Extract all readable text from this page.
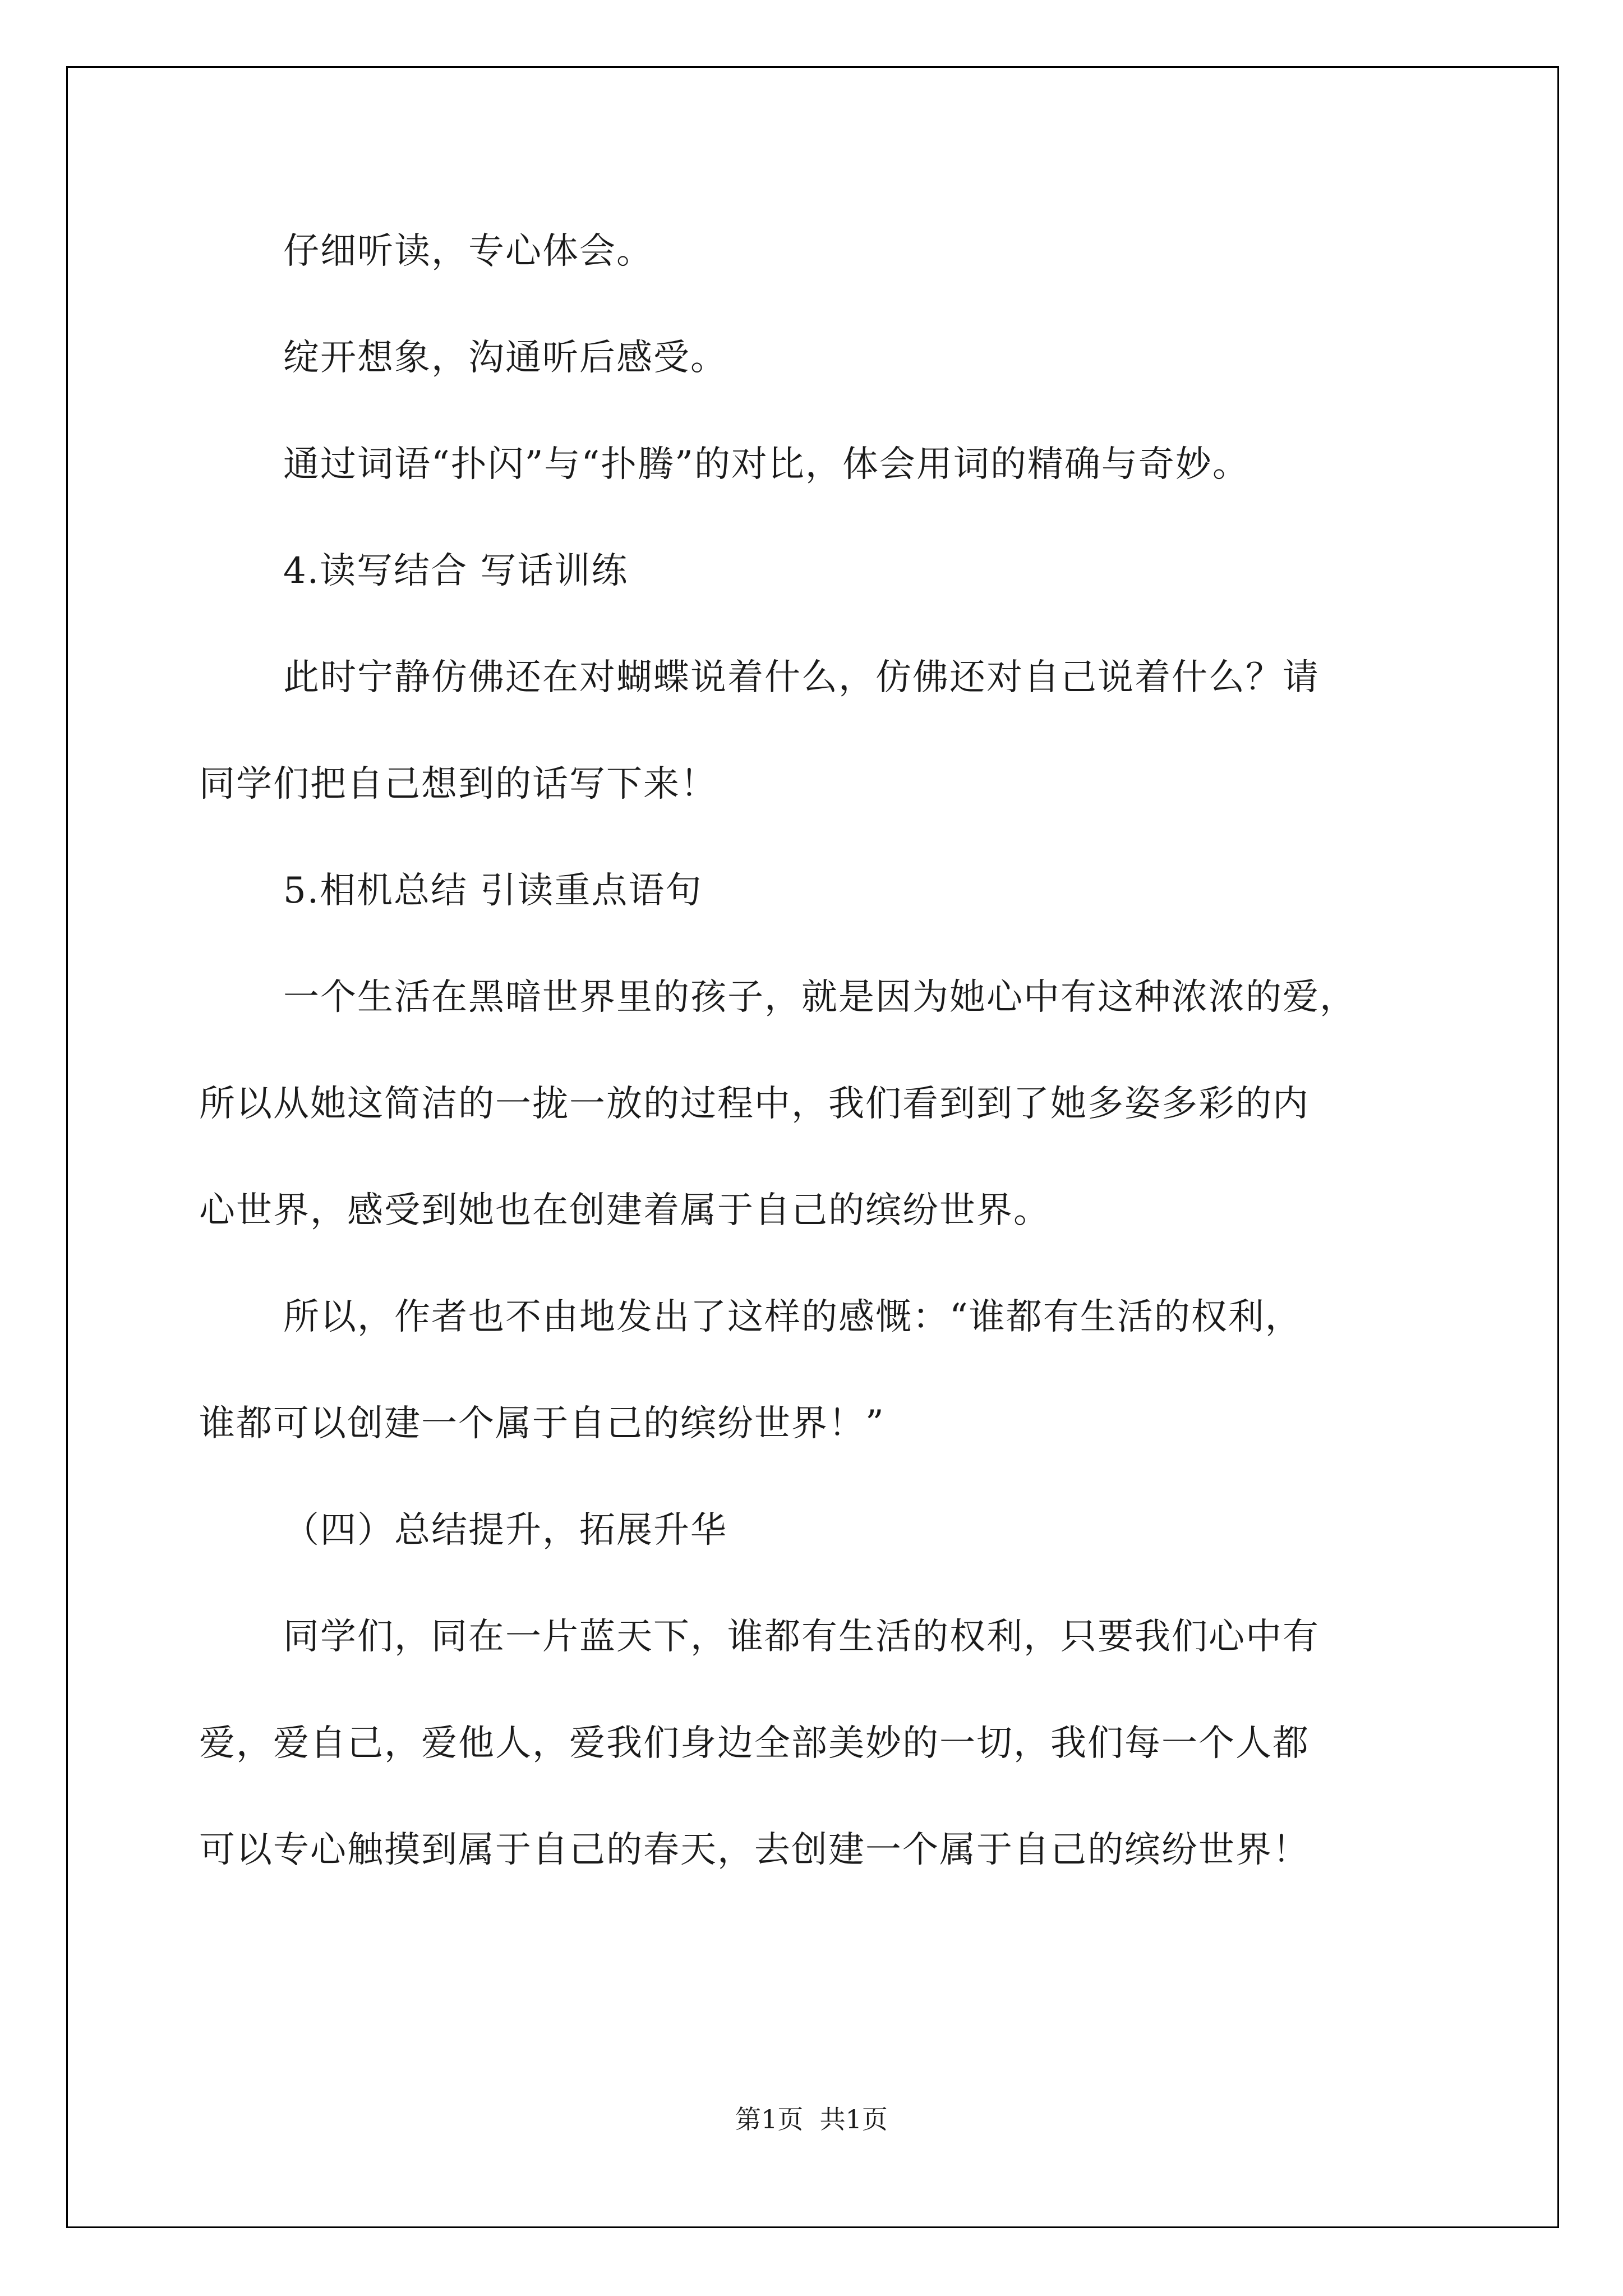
仔细听读，专心体会。
绽开想象，沟通听后感受。
通过词语“扑闪”与“扑腾”的对比，体会用词的精确与奇妙。
4.读写结合 写话训练
此时宁静仿佛还在对蝴蝶说着什么，仿佛还对自己说着什么？请
同学们把自己想到的话写下来！
5.相机总结 引读重点语句
一个生活在黑暗世界里的孩子，就是因为她心中有这种浓浓的爱，
所以从她这简洁的一拢一放的过程中，我们看到到了她多姿多彩的内
心世界，感受到她也在创建着属于自己的缤纷世界。
所以，作者也不由地发出了这样的感慨：“谁都有生活的权利，
谁都可以创建一个属于自己的缤纷世界！”
（四）总结提升，拓展升华
同学们，同在一片蓝天下，谁都有生活的权利，只要我们心中有
爱，爱自己，爱他人，爱我们身边全部美妙的一切，我们每一个人都
可以专心触摸到属于自己的春天，去创建一个属于自己的缤纷世界！
第1页  共1页
